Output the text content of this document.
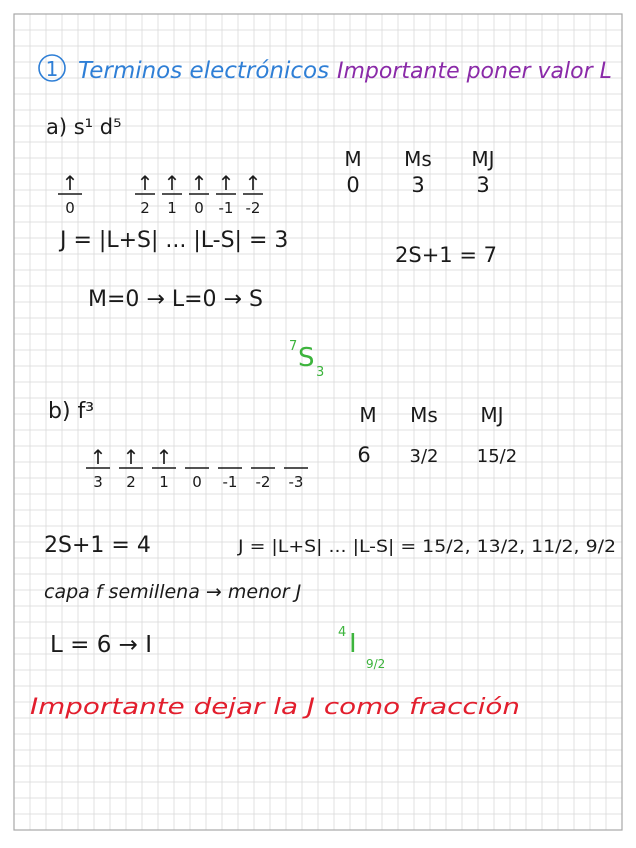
1 Terminos electrónicos Importante poner valor L
a) s¹ d⁵
M Ms MJ
0 3 3
↑
0
↑
2
↑
1
↑
0
↑
-1
↑
-2
J = |L+S| ... |L-S| = 3
2S+1 = 7
M=0 → L=0 → S
7 S 3
b) f³	M Ms MJ
6 3/2 15/2
↑
3
↑
2
↑
1 0 -1 -2 -3
2S+1 = 4	J = |L+S| ... |L-S| = 15/2, 13/2, 11/2, 9/2
capa f semillena → menor J
L = 6 → I	4 I
9/2
Importante dejar la J como fracción
